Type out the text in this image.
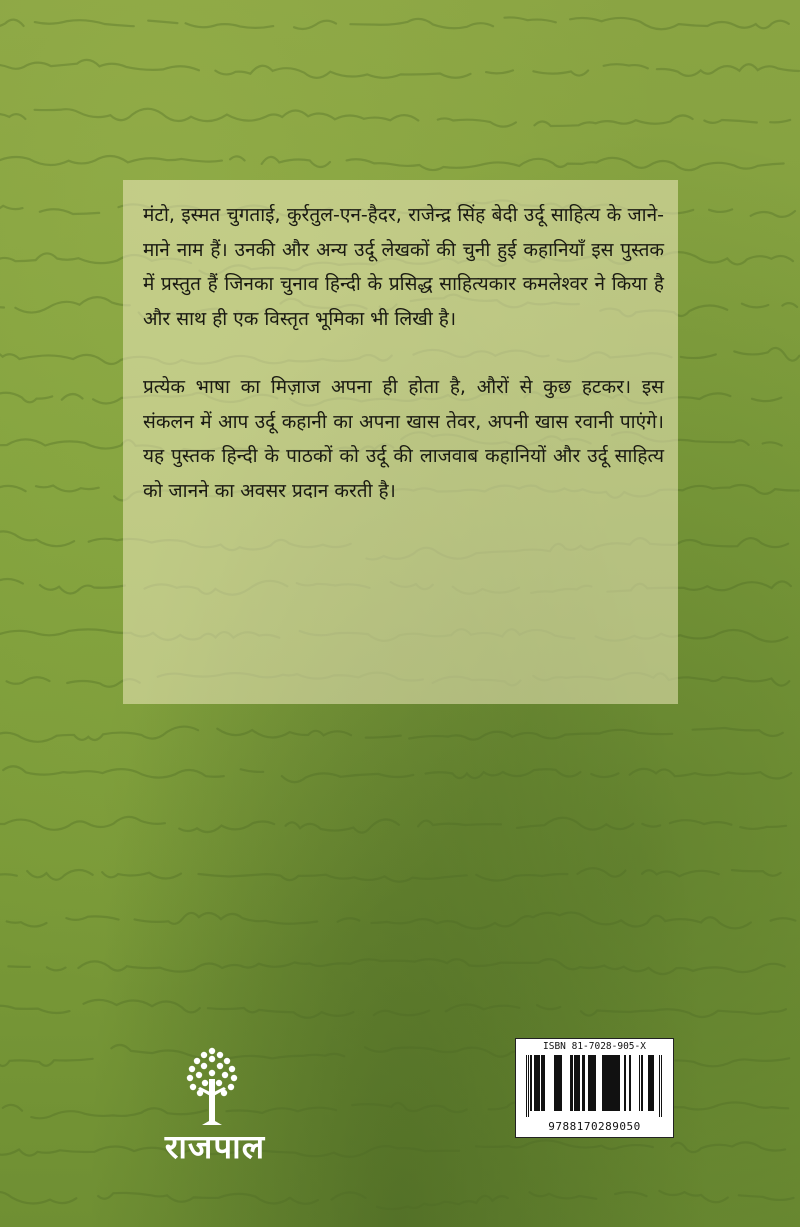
मंटो, इस्मत चुगताई, कुर्रतुल-एन-हैदर, राजेन्द्र सिंह बेदी उर्दू साहित्य के जाने-माने नाम हैं। उनकी और अन्य उर्दू लेखकों की चुनी हुई कहानियाँ इस पुस्तक में प्रस्तुत हैं जिनका चुनाव हिन्दी के प्रसिद्ध साहित्यकार कमलेश्वर ने किया है और साथ ही एक विस्तृत भूमिका भी लिखी है।

प्रत्येक भाषा का मिज़ाज अपना ही होता है, औरों से कुछ हटकर। इस संकलन में आप उर्दू कहानी का अपना खास तेवर, अपनी खास रवानी पाएंगे। यह पुस्तक हिन्दी के पाठकों को उर्दू की लाजवाब कहानियों और उर्दू साहित्य को जानने का अवसर प्रदान करती है।

राजपाल
ISBN 81-7028-905-X
9788170289050
